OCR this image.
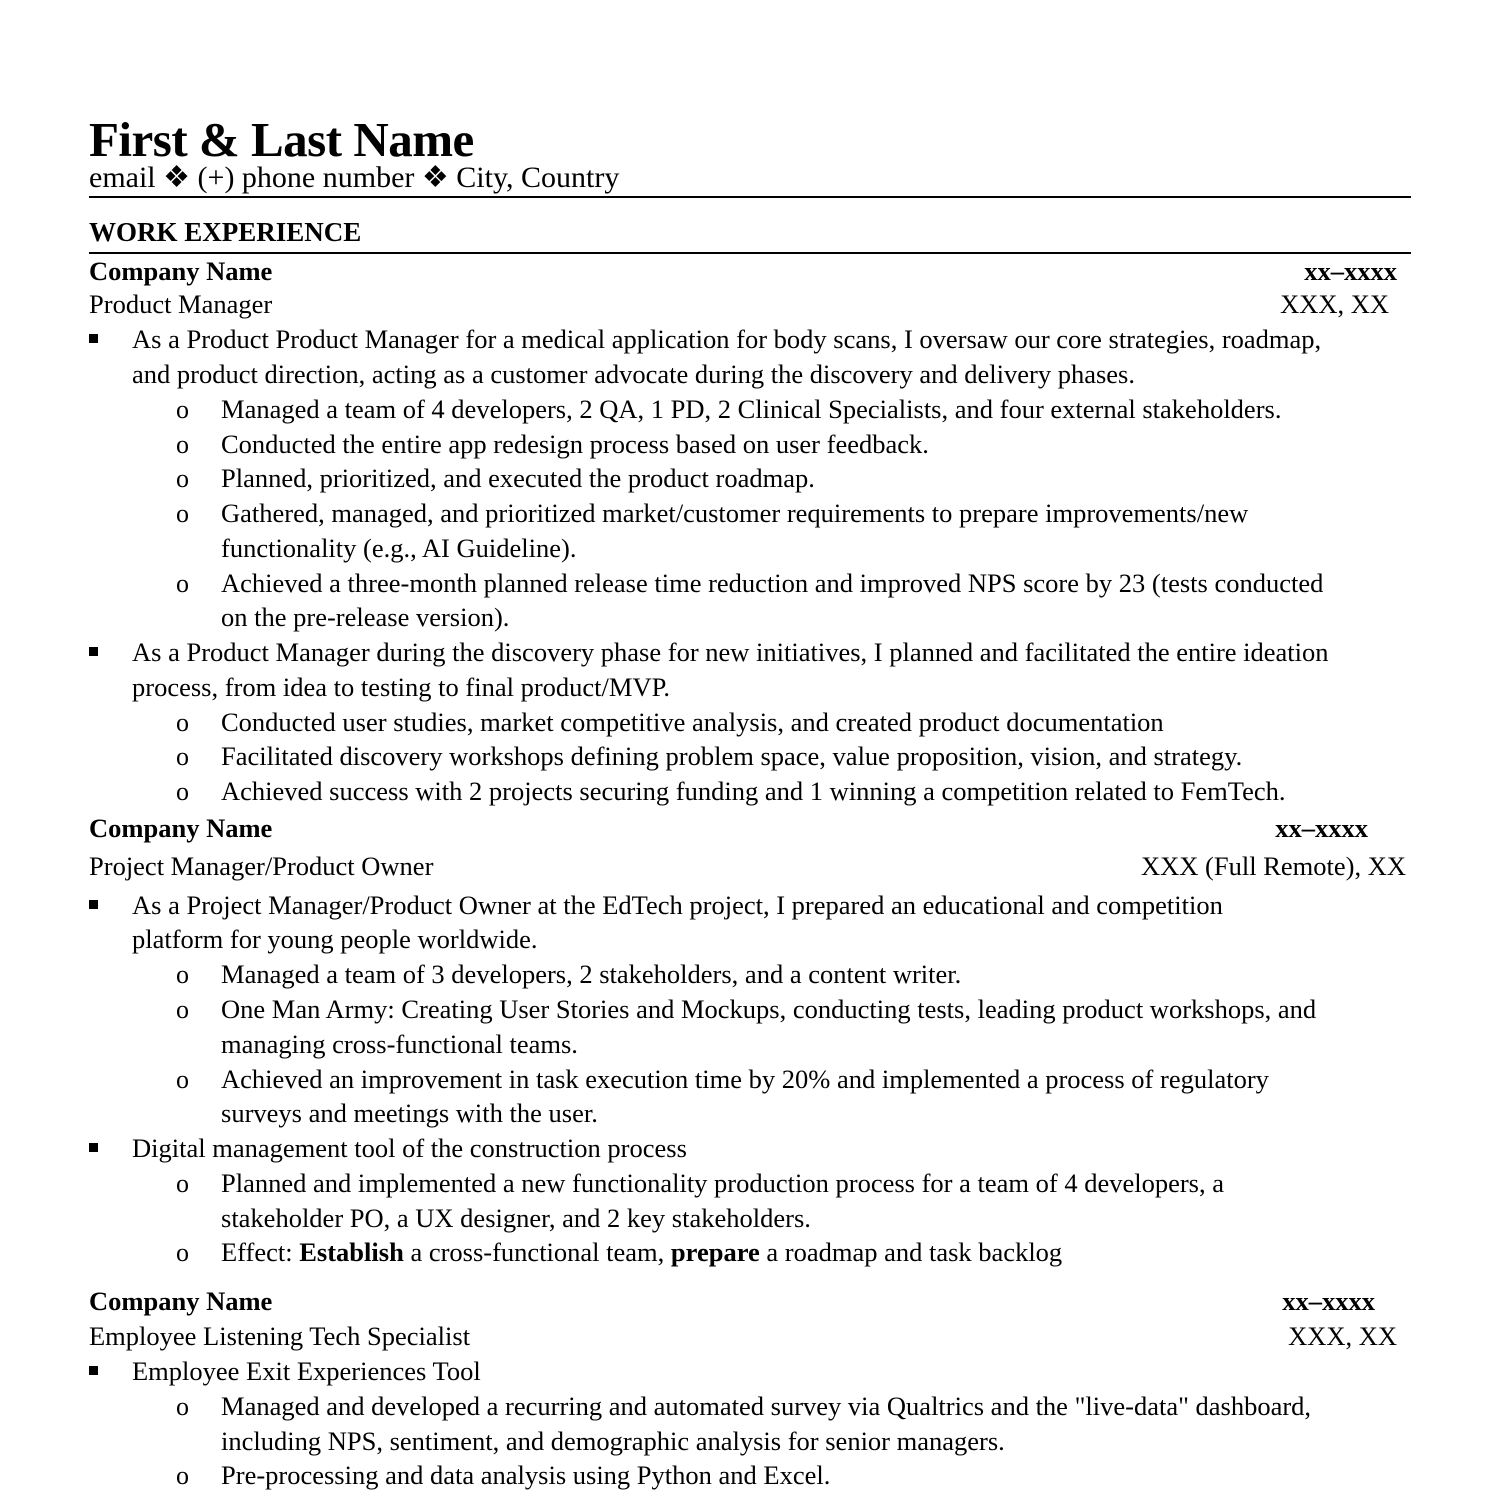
First & Last Name
email ❖ (+) phone number ❖ City, Country
WORK EXPERIENCE
Company Name	xx–xxxx
Product Manager	XXX, XX
As a Product Product Manager for a medical application for body scans, I oversaw our core strategies, roadmap,
and product direction, acting as a customer advocate during the discovery and delivery phases.
o Managed a team of 4 developers, 2 QA, 1 PD, 2 Clinical Specialists, and four external stakeholders.
o Conducted the entire app redesign process based on user feedback.
o Planned, prioritized, and executed the product roadmap.
o Gathered, managed, and prioritized market/customer requirements to prepare improvements/new
functionality (e.g., AI Guideline).
o Achieved a three-month planned release time reduction and improved NPS score by 23 (tests conducted
on the pre-release version).
As a Product Manager during the discovery phase for new initiatives, I planned and facilitated the entire ideation
process, from idea to testing to final product/MVP.
o Conducted user studies, market competitive analysis, and created product documentation
o Facilitated discovery workshops defining problem space, value proposition, vision, and strategy.
o Achieved success with 2 projects securing funding and 1 winning a competition related to FemTech.
Company Name	xx–xxxx
Project Manager/Product Owner	XXX (Full Remote), XX
As a Project Manager/Product Owner at the EdTech project, I prepared an educational and competition
platform for young people worldwide.
o Managed a team of 3 developers, 2 stakeholders, and a content writer.
o One Man Army: Creating User Stories and Mockups, conducting tests, leading product workshops, and
managing cross-functional teams.
o Achieved an improvement in task execution time by 20% and implemented a process of regulatory
surveys and meetings with the user.
Digital management tool of the construction process
o Planned and implemented a new functionality production process for a team of 4 developers, a
stakeholder PO, a UX designer, and 2 key stakeholders.
o Effect: Establish a cross-functional team, prepare a roadmap and task backlog
Company Name	xx–xxxx
Employee Listening Tech Specialist	XXX, XX
Employee Exit Experiences Tool
o Managed and developed a recurring and automated survey via Qualtrics and the "live-data" dashboard,
including NPS, sentiment, and demographic analysis for senior managers.
o Pre-processing and data analysis using Python and Excel.
